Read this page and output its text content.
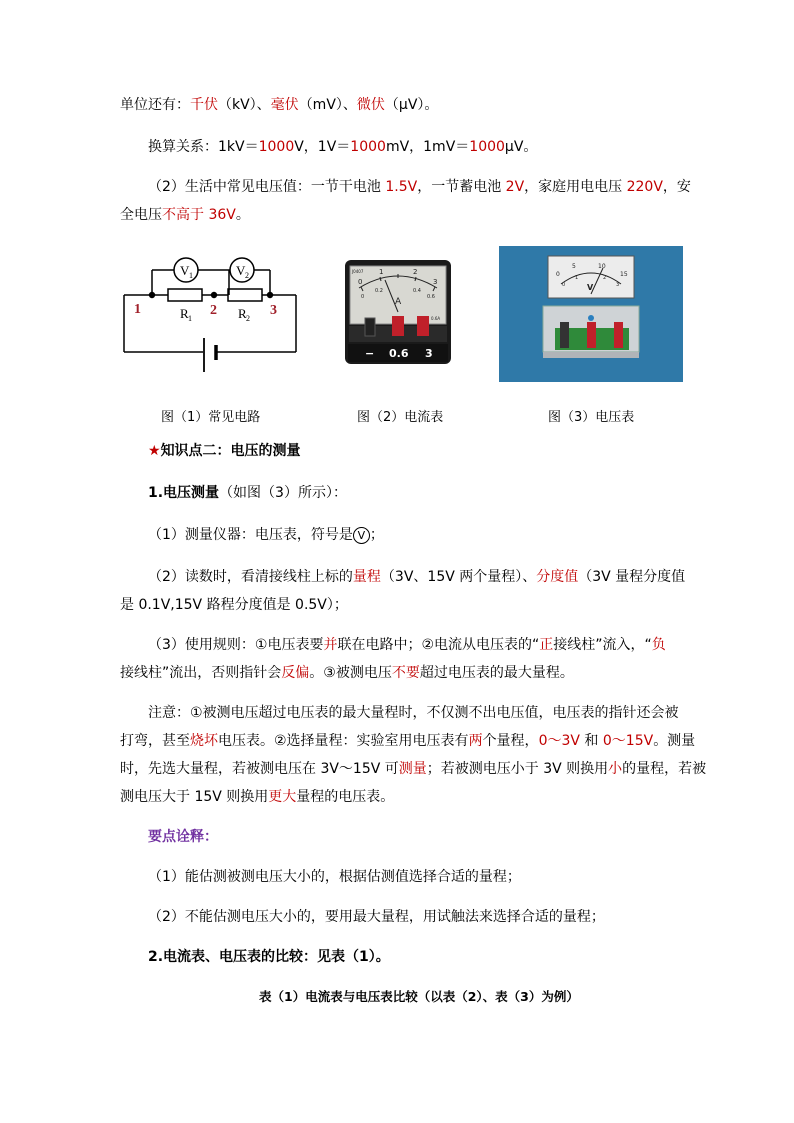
单位还有：千伏（kV）、毫伏（mV）、微伏（μV）。
换算关系：1kV＝1000V，1V＝1000mV，1mV＝1000μV。
（2）生活中常见电压值：一节干电池 1.5V，一节蓄电池 2V，家庭用电电压 220V，安
全电压不高于 36V。
V 1	V 2
R 1	R 2
1	2	3
0
1	2
3
0
0.2	0.4
0.6
A
J0407
0.6A
− 0.6 3
0
5	10
15
0
1	2
3
V
图（1）常见电路	图（2）电流表	图（3）电压表
★知识点二：电压的测量
1.电压测量（如图（3）所示）：
（1）测量仪器：电压表，符号是 V ；
（2）读数时，看清接线柱上标的量程（3V、15V 两个量程）、分度值（3V 量程分度值
是 0.1V,15V 路程分度值是 0.5V）；
（3）使用规则：①电压表要并联在电路中；②电流从电压表的“正接线柱”流入，“负
接线柱”流出，否则指针会反偏。③被测电压不要超过电压表的最大量程。
注意：①被测电压超过电压表的最大量程时，不仅测不出电压值，电压表的指针还会被
打弯，甚至烧坏电压表。②选择量程：实验室用电压表有两个量程，0～3V 和 0～15V。测量
时，先选大量程，若被测电压在 3V～15V 可测量；若被测电压小于 3V 则换用小的量程，若被
测电压大于 15V 则换用更大量程的电压表。
要点诠释：
（1）能估测被测电压大小的，根据估测值选择合适的量程；
（2）不能估测电压大小的，要用最大量程，用试触法来选择合适的量程；
2.电流表、电压表的比较：见表（1）。
表（1）电流表与电压表比较（以表（2）、表（3）为例）
